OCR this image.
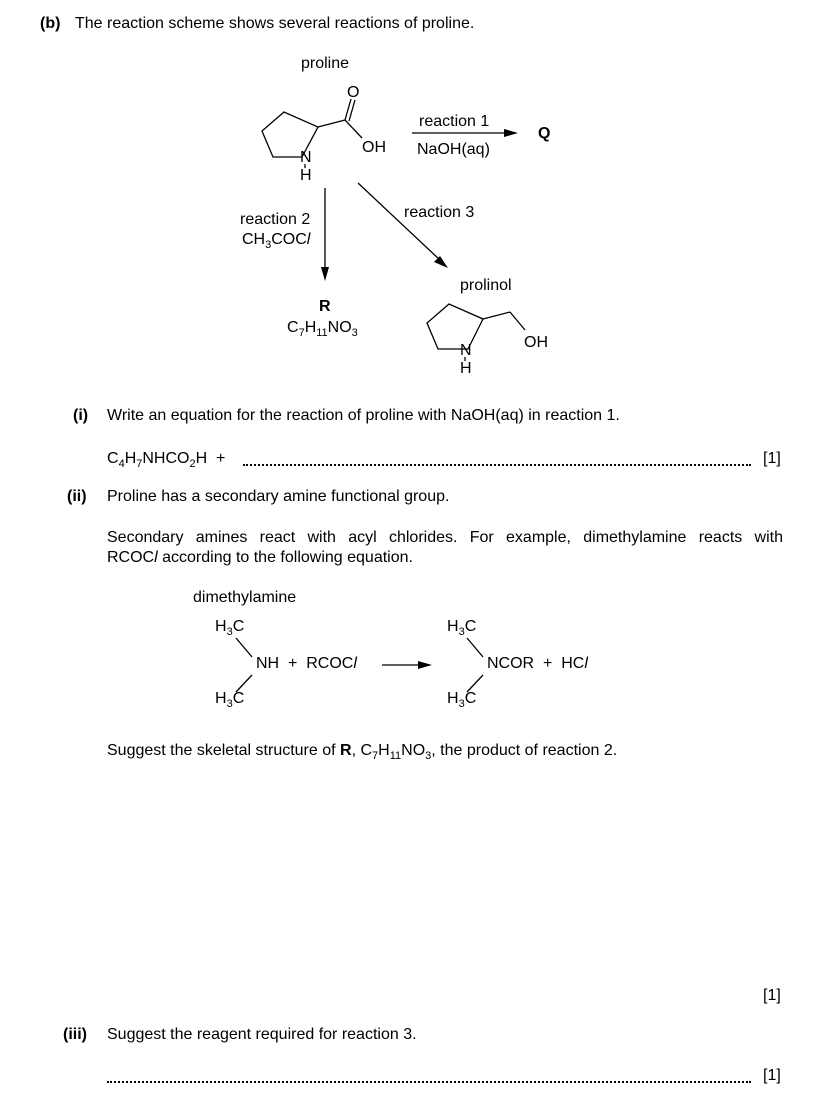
(b) The reaction scheme shows several reactions of proline.
O
OH
N
H
OH
N
H
proline
reaction 1
NaOH(aq)
Q
reaction 2
$CH_3COCl$
reaction 3
R
$C_7H_{11}NO_3$
prolinol
(i) Write an equation for the reaction of proline with NaOH(aq) in reaction 1.
$C_4H_7NHCO_2H$  +	[1]
(ii) Proline has a secondary amine functional group.
Secondary amines react with acyl chlorides. For example, dimethylamine reacts with
RCOCl according to the following equation.
dimethylamine
$H_3C$
$H_3C$
NH  +  RCOCl
$H_3C$
$H_3C$
NCOR  +  HCl
Suggest the skeletal structure of R, $C_7H_{11}NO_3$, the product of reaction 2.
[1]
(iii) Suggest the reagent required for reaction 3.
[1]
